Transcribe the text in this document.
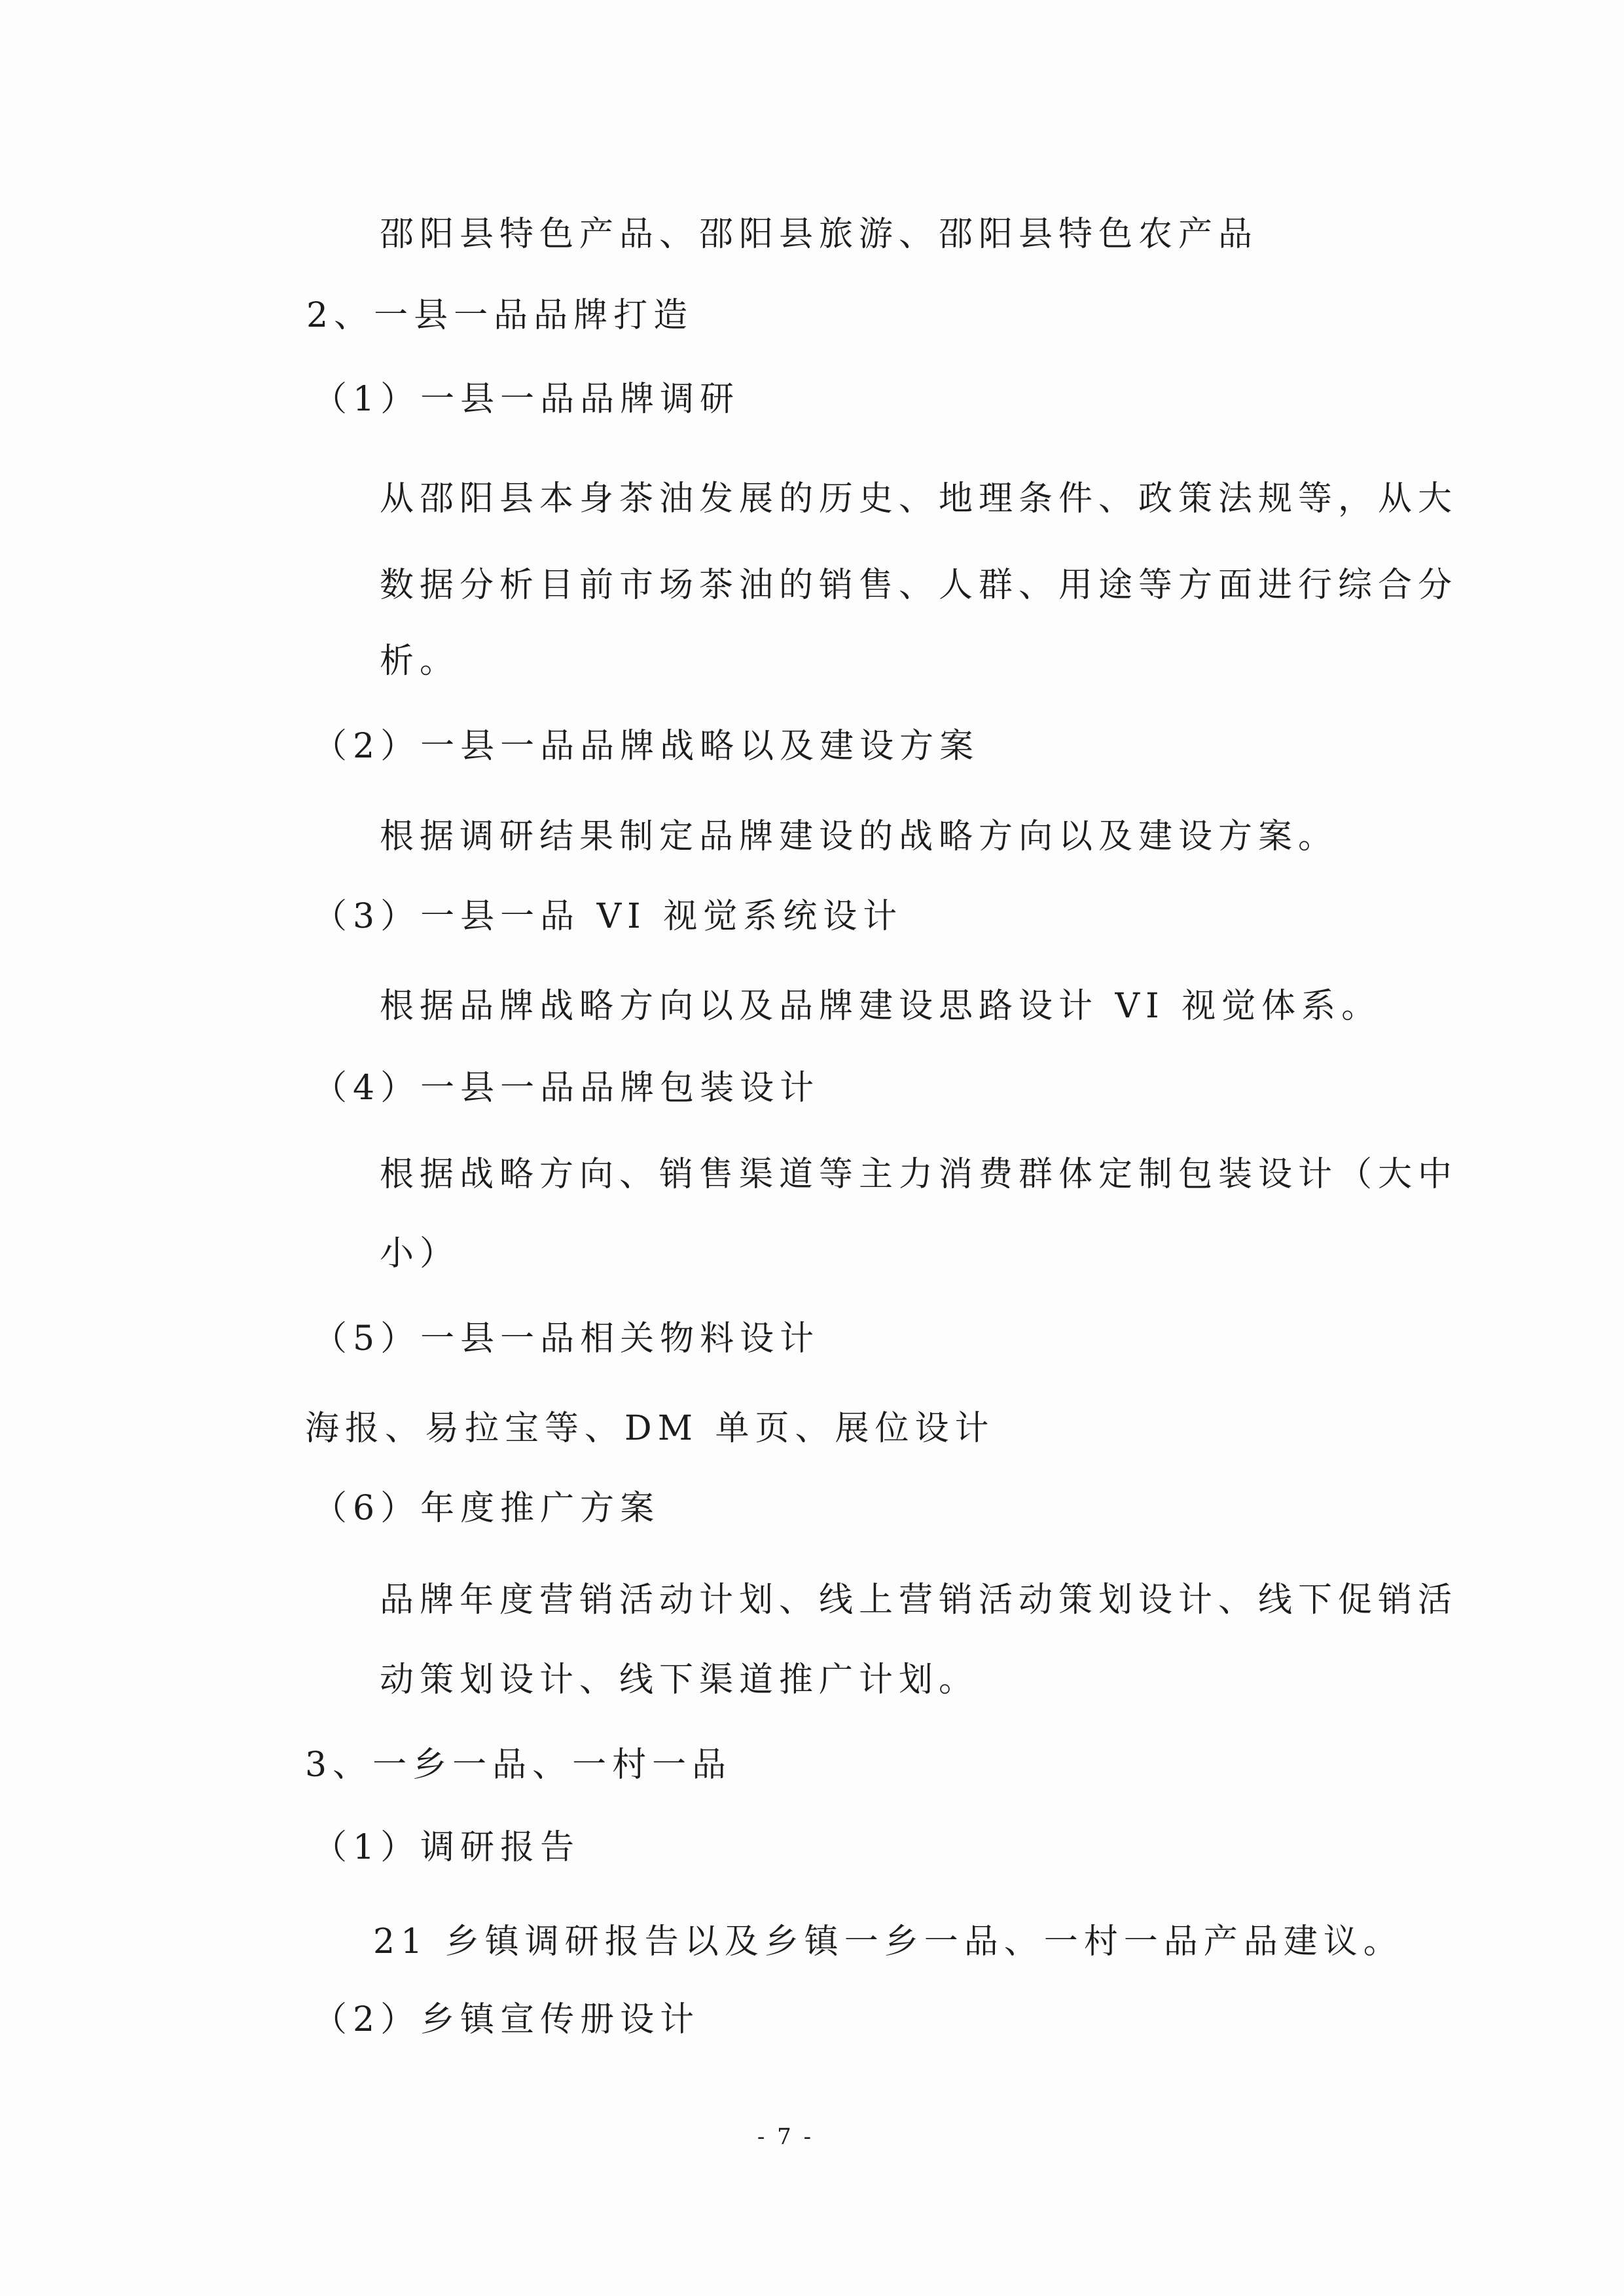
邵阳县特色产品、邵阳县旅游、邵阳县特色农产品
2、一县一品品牌打造
（1）一县一品品牌调研
从邵阳县本身茶油发展的历史、地理条件、政策法规等，从大
数据分析目前市场茶油的销售、人群、用途等方面进行综合分
析。
（2）一县一品品牌战略以及建设方案
根据调研结果制定品牌建设的战略方向以及建设方案。
（3）一县一品 VI 视觉系统设计
根据品牌战略方向以及品牌建设思路设计 VI 视觉体系。
（4）一县一品品牌包装设计
根据战略方向、销售渠道等主力消费群体定制包装设计（大中
小）
（5）一县一品相关物料设计
海报、易拉宝等、DM 单页、展位设计
（6）年度推广方案
品牌年度营销活动计划、线上营销活动策划设计、线下促销活
动策划设计、线下渠道推广计划。
3、一乡一品、一村一品
（1）调研报告
21 乡镇调研报告以及乡镇一乡一品、一村一品产品建议。
（2）乡镇宣传册设计
- 7 -
